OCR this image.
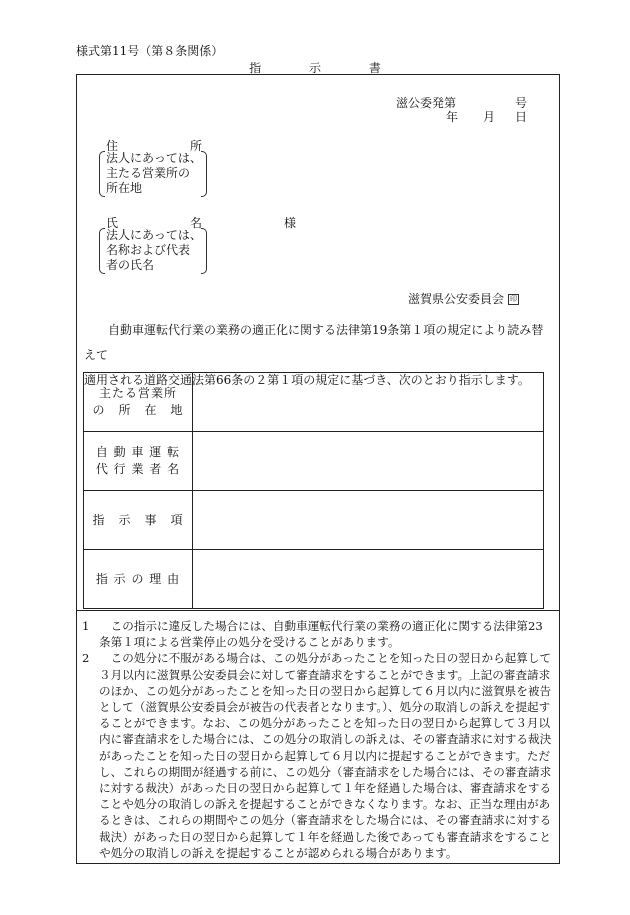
様式第11号（第８条関係）
指	示	書
滋公委発第	号
年 月 日
住	所
法人にあっては、
主たる営業所の
所在地
氏	名	様
法人にあっては、
名称および代表
者の氏名
滋賀県公安委員会 印

自動車運転代行業の業務の適正化に関する法律第19条第１項の規定により読み替えて

適用される道路交通法第66条の２第１項の規定に基づき、次のとおり指示します。

主たる営業所
の　所　在　地	

自 動 車 運 転
代 行 業 者 名	

指　示　事　項	

指 示 の 理 由	

1	この指示に違反した場合には、自動車運転代行業の業務の適正化に関する法律第23条第１項による営業停止の処分を受けることがあります。
2	この処分に不服がある場合は、この処分があったことを知った日の翌日から起算して３月以内に滋賀県公安委員会に対して審査請求をすることができます。上記の審査請求のほか、この処分があったことを知った日の翌日から起算して６月以内に滋賀県を被告として（滋賀県公安委員会が被告の代表者となります。）、処分の取消しの訴えを提起することができます。なお、この処分があったことを知った日の翌日から起算して３月以内に審査請求をした場合には、この処分の取消しの訴えは、その審査請求に対する裁決があったことを知った日の翌日から起算して６月以内に提起することができます。ただし、これらの期間が経過する前に、この処分（審査請求をした場合には、その審査請求に対する裁決）があった日の翌日から起算して１年を経過した場合は、審査請求をすることや処分の取消しの訴えを提起することができなくなります。なお、正当な理由があるときは、これらの期間やこの処分（審査請求をした場合には、その審査請求に対する裁決）があった日の翌日から起算して１年を経過した後であっても審査請求をすることや処分の取消しの訴えを提起することが認められる場合があります。
